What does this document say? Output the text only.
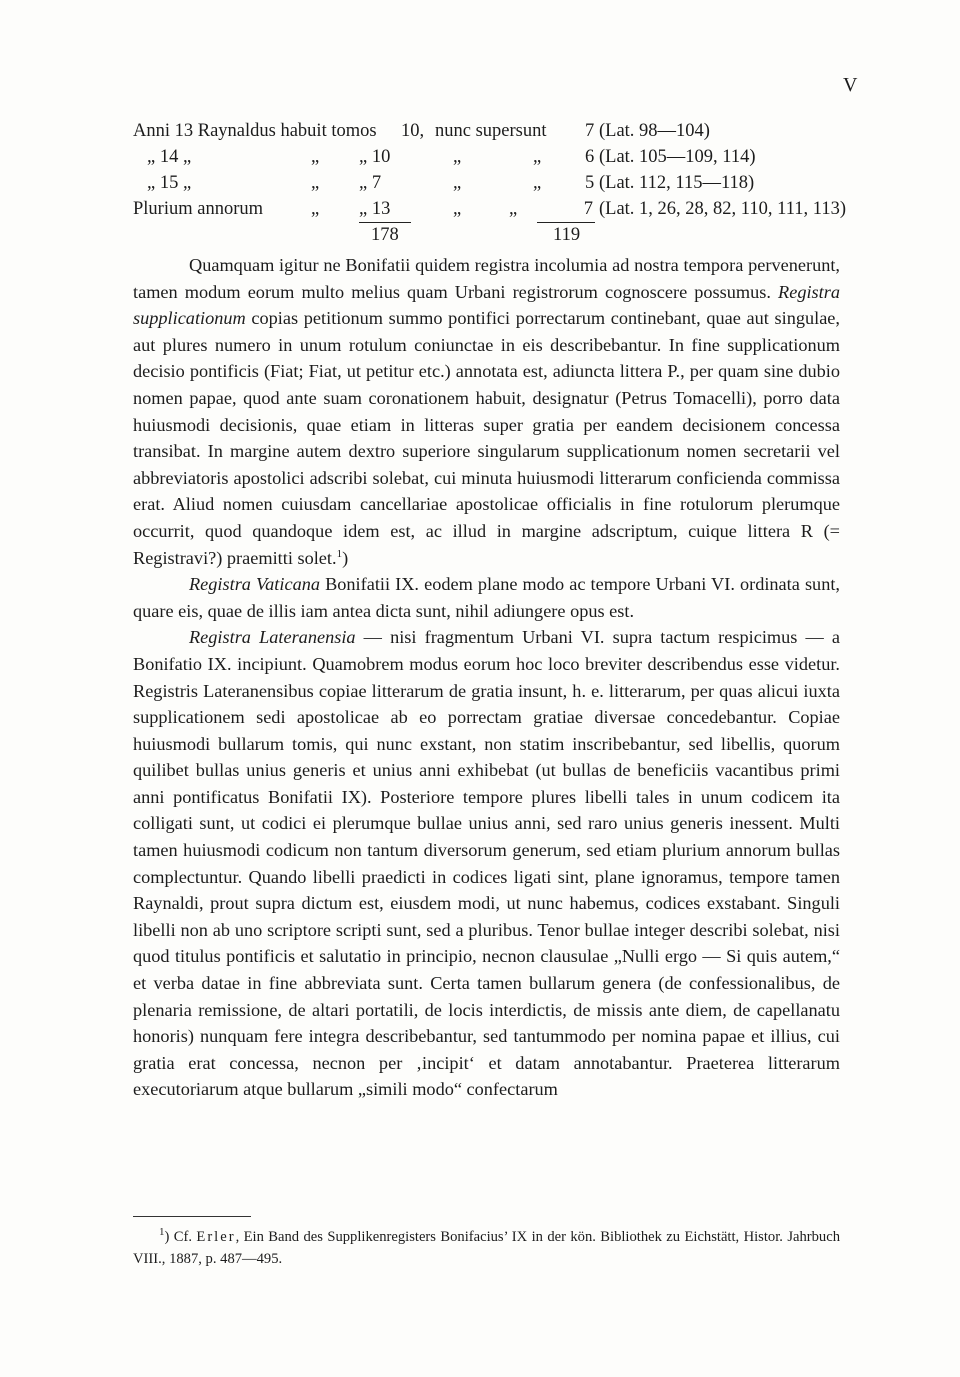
V
Anni 13 Raynaldus habuit tomos 10, nunc supersunt 7 (Lat. 98—104)
„ 14 „	„ „ 10	„	„ 6 (Lat. 105—109, 114)
„ 15 „	„ „ 7	„	„ 5 (Lat. 112, 115—118)
Plurium annorum	„ „ 13	„	„	7 (Lat. 1, 26, 28, 82, 110, 111, 113)
178	119

Quamquam igitur ne Bonifatii quidem registra incolumia ad nostra tempora pervenerunt, tamen modum eorum multo melius quam Urbani registrorum cognoscere possumus. Registra supplicationum copias petitionum summo pontifici porrectarum continebant, quae aut singulae, aut plures numero in unum rotulum coniunctae in eis describebantur. In fine supplicationum decisio pontificis (Fiat; Fiat, ut petitur etc.) annotata est, adiuncta littera P., per quam sine dubio nomen papae, quod ante suam coronationem habuit, designatur (Petrus Tomacelli), porro data huiusmodi decisionis, quae etiam in litteras super gratia per eandem decisionem concessa transibat. In margine autem dextro superiore singularum supplicationum nomen secretarii vel abbreviatoris apostolici adscribi solebat, cui minuta huiusmodi litterarum conficienda commissa erat. Aliud nomen cuiusdam cancellariae apostolicae officialis in fine rotulorum plerumque occurrit, quod quandoque idem est, ac illud in margine adscriptum, cuique littera R (= Registravi?) praemitti solet.$^1$)

Registra Vaticana Bonifatii IX. eodem plane modo ac tempore Urbani VI. ordinata sunt, quare eis, quae de illis iam antea dicta sunt, nihil adiungere opus est.

Registra Lateranensia — nisi fragmentum Urbani VI. supra tactum respicimus — a Bonifatio IX. incipiunt. Quamobrem modus eorum hoc loco breviter describendus esse videtur. Registris Lateranensibus copiae litterarum de gratia insunt, h. e. litterarum, per quas alicui iuxta supplicationem sedi apostolicae ab eo porrectam gratiae diversae concedebantur. Copiae huiusmodi bullarum tomis, qui nunc exstant, non statim inscribebantur, sed libellis, quorum quilibet bullas unius generis et unius anni exhibebat (ut bullas de beneficiis vacantibus primi anni pontificatus Bonifatii IX). Posteriore tempore plures libelli tales in unum codicem ita colligati sunt, ut codici ei plerumque bullae unius anni, sed raro unius generis inessent. Multi tamen huiusmodi codicum non tantum diversorum generum, sed etiam plurium annorum bullas complectuntur. Quando libelli praedicti in codices ligati sint, plane ignoramus, tempore tamen Raynaldi, prout supra dictum est, eiusdem modi, ut nunc habemus, codices exstabant. Singuli libelli non ab uno scriptore scripti sunt, sed a pluribus. Tenor bullae integer describi solebat, nisi quod titulus pontificis et salutatio in principio, necnon clausulae „Nulli ergo — Si quis autem,“ et verba datae in fine abbreviata sunt. Certa tamen bullarum genera (de confessionalibus, de plenaria remissione, de altari portatili, de locis interdictis, de missis ante diem, de capellanatu honoris) nunquam fere integra describebantur, sed tantummodo per nomina papae et illius, cui gratia erat concessa, necnon per ‚incipit‘ et datam annotabantur. Praeterea litterarum executoriarum atque bullarum „simili modo“ confectarum

$^1$) Cf. Erler, Ein Band des Supplikenregisters Bonifacius’ IX in der kön. Bibliothek zu Eichstätt, Histor. Jahrbuch VIII., 1887, p. 487—495.
